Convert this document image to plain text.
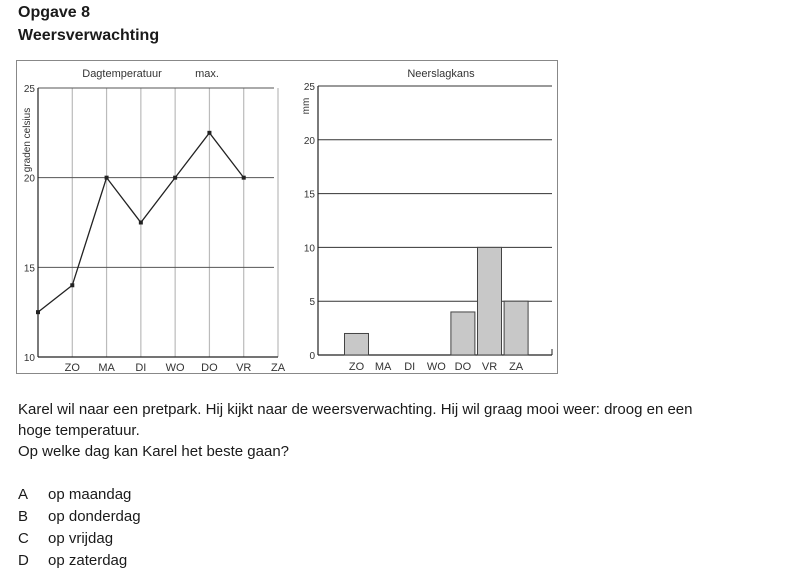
Opgave 8
Weersverwachting
Dagtemperatuur	max.
graden celsius
10
15
20
25
ZO MA DI WO DO VR ZA
Neerslagkans
mm
0
5
10
15
20
25
ZO MA DI WO DO VR ZA
Karel wil naar een pretpark. Hij kijkt naar de weersverwachting. Hij wil graag mooi weer: droog en een
hoge temperatuur.
Op welke dag kan Karel het beste gaan?
A op maandag
B op donderdag
C op vrijdag
D op zaterdag
